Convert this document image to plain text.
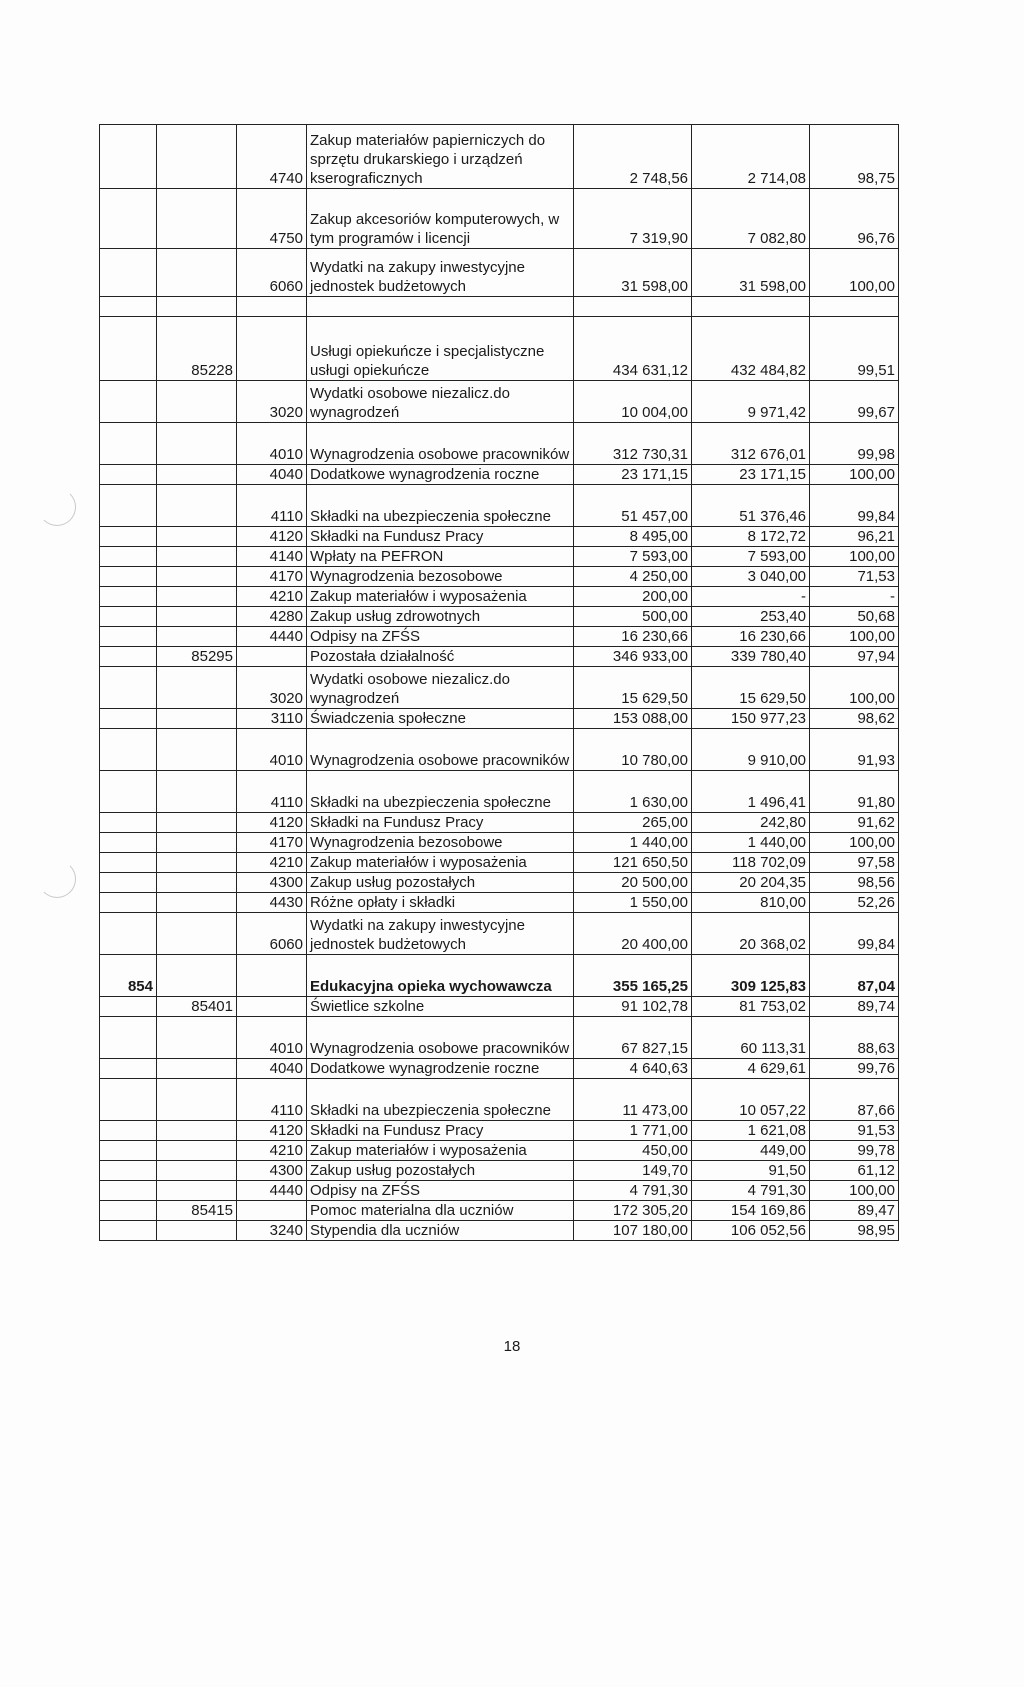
		4740	Zakup materiałów papierniczych do sprzętu drukarskiego i urządzeń kserograficznych	2 748,56	2 714,08	98,75
		4750	Zakup akcesoriów komputerowych, w tym programów i licencji	7 319,90	7 082,80	96,76
		6060	Wydatki na zakupy inwestycyjne jednostek budżetowych	31 598,00	31 598,00	100,00

	85228		Usługi opiekuńcze i specjalistyczne usługi opiekuńcze	434 631,12	432 484,82	99,51
		3020	Wydatki osobowe niezalicz.do wynagrodzeń	10 004,00	9 971,42	99,67
		4010	Wynagrodzenia osobowe pracowników	312 730,31	312 676,01	99,98
		4040	Dodatkowe wynagrodzenia roczne	23 171,15	23 171,15	100,00
		4110	Składki na ubezpieczenia społeczne	51 457,00	51 376,46	99,84
		4120	Składki na Fundusz Pracy	8 495,00	8 172,72	96,21
		4140	Wpłaty na PEFRON	7 593,00	7 593,00	100,00
		4170	Wynagrodzenia bezosobowe	4 250,00	3 040,00	71,53
		4210	Zakup materiałów i wyposażenia	200,00	-	-
		4280	Zakup usług zdrowotnych	500,00	253,40	50,68
		4440	Odpisy na ZFŚS	16 230,66	16 230,66	100,00
	85295		Pozostała działalność	346 933,00	339 780,40	97,94
		3020	Wydatki osobowe niezalicz.do wynagrodzeń	15 629,50	15 629,50	100,00
		3110	Świadczenia społeczne	153 088,00	150 977,23	98,62
		4010	Wynagrodzenia osobowe pracowników	10 780,00	9 910,00	91,93
		4110	Składki na ubezpieczenia społeczne	1 630,00	1 496,41	91,80
		4120	Składki na Fundusz Pracy	265,00	242,80	91,62
		4170	Wynagrodzenia bezosobowe	1 440,00	1 440,00	100,00
		4210	Zakup materiałów i wyposażenia	121 650,50	118 702,09	97,58
		4300	Zakup usług pozostałych	20 500,00	20 204,35	98,56
		4430	Różne opłaty i składki	1 550,00	810,00	52,26
		6060	Wydatki na zakupy inwestycyjne jednostek budżetowych	20 400,00	20 368,02	99,84
854			Edukacyjna opieka wychowawcza	355 165,25	309 125,83	87,04
	85401		Świetlice szkolne	91 102,78	81 753,02	89,74
		4010	Wynagrodzenia osobowe pracowników	67 827,15	60 113,31	88,63
		4040	Dodatkowe wynagrodzenie roczne	4 640,63	4 629,61	99,76
		4110	Składki na ubezpieczenia społeczne	11 473,00	10 057,22	87,66
		4120	Składki na Fundusz Pracy	1 771,00	1 621,08	91,53
		4210	Zakup materiałów i wyposażenia	450,00	449,00	99,78
		4300	Zakup usług pozostałych	149,70	91,50	61,12
		4440	Odpisy na ZFŚS	4 791,30	4 791,30	100,00
	85415		Pomoc materialna dla uczniów	172 305,20	154 169,86	89,47
		3240	Stypendia dla uczniów	107 180,00	106 052,56	98,95
18
